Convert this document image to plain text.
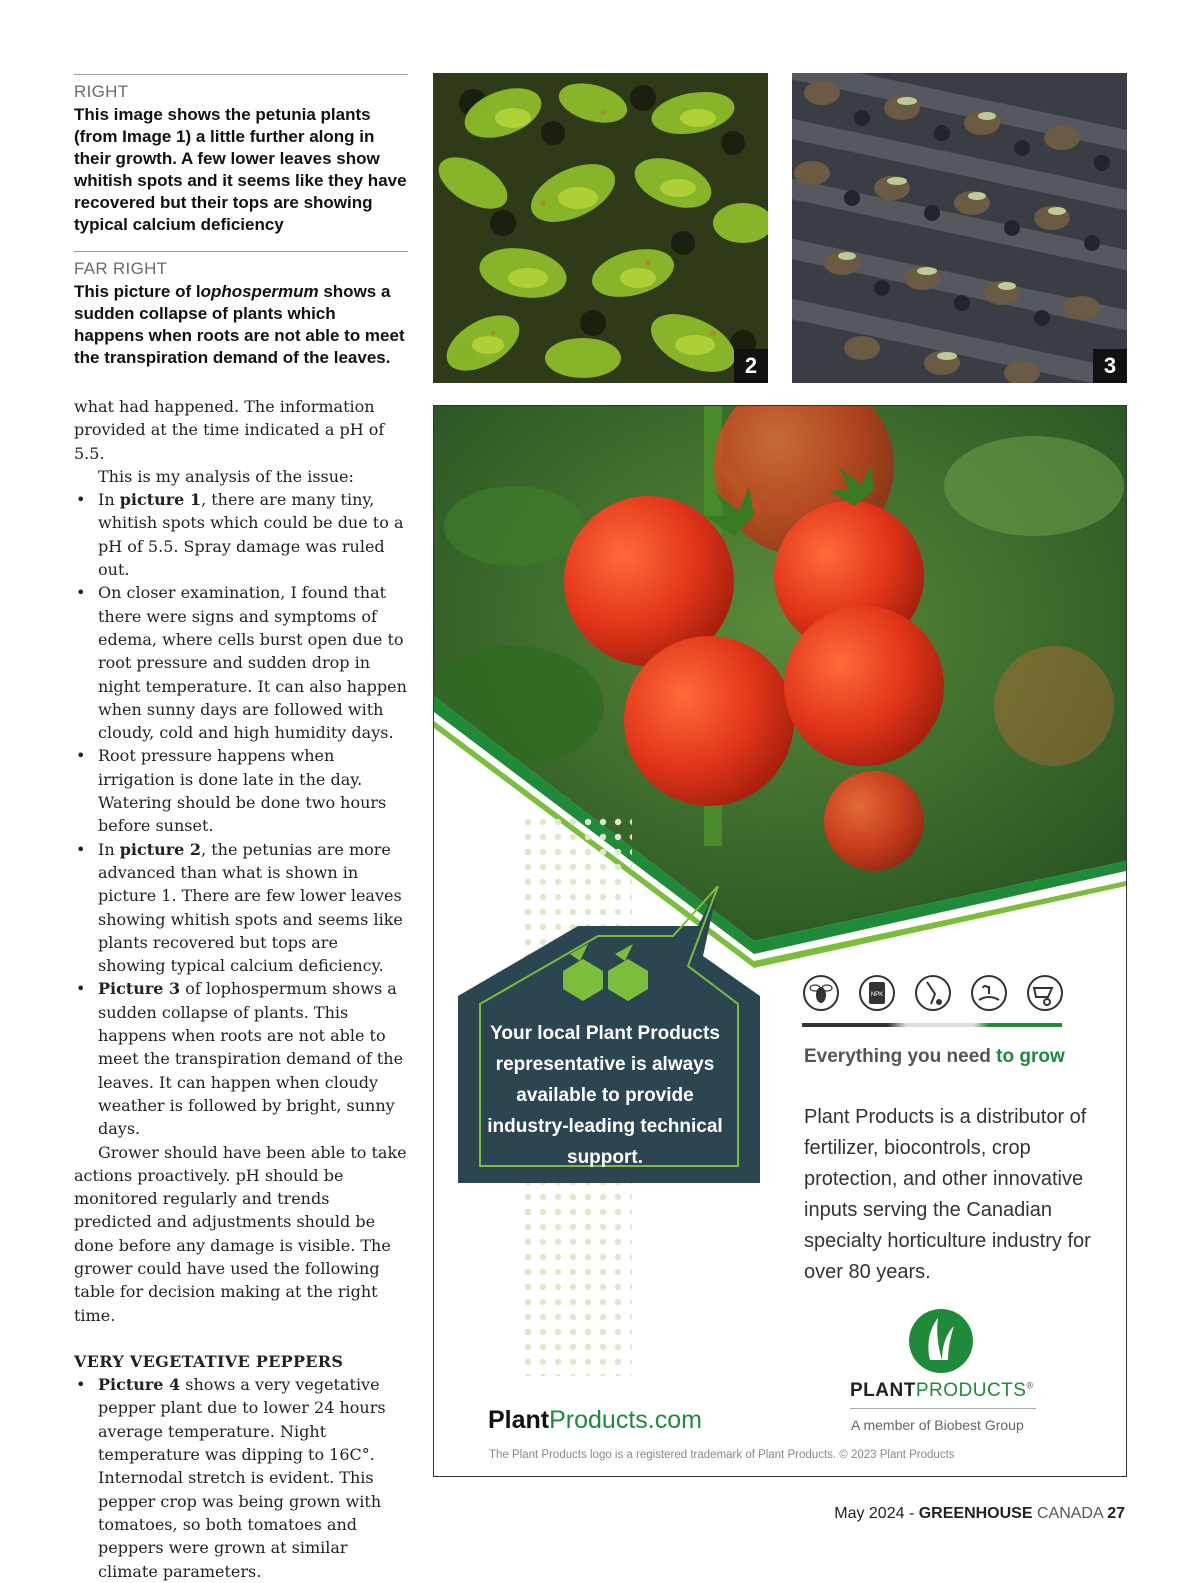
RIGHT
This image shows the petunia plants (from Image 1) a little further along in their growth. A few lower leaves show whitish spots and it seems like they have recovered but their tops are showing typical calcium deficiency
FAR RIGHT
This picture of lophospermum shows a sudden collapse of plants which happens when roots are not able to meet the transpiration demand of the leaves.

what had happened. The information provided at the time indicated a pH of 5.5.

This is my analysis of the issue:

• In picture 1, there are many tiny, whitish spots which could be due to a pH of 5.5. Spray damage was ruled out.
• On closer examination, I found that there were signs and symptoms of edema, where cells burst open due to root pressure and sudden drop in night temperature. It can also happen when sunny days are followed with cloudy, cold and high humidity days.
• Root pressure happens when irrigation is done late in the day. Watering should be done two hours before sunset.
• In picture 2, the petunias are more advanced than what is shown in picture 1. There are few lower leaves showing whitish spots and seems like plants recovered but tops are showing typical calcium deficiency.
• Picture 3 of lophospermum shows a sudden collapse of plants. This happens when roots are not able to meet the transpiration demand of the leaves. It can happen when cloudy weather is followed by bright, sunny days.

Grower should have been able to take actions proactively. pH should be monitored regularly and trends predicted and adjustments should be done before any damage is visible. The grower could have used the following table for decision making at the right time.

VERY VEGETATIVE PEPPERS
• Picture 4 shows a very vegetative pepper plant due to lower 24 hours average temperature. Night temperature was dipping to 16C°. Internodal stretch is evident. This pepper crop was being grown with tomatoes, so both tomatoes and peppers were grown at similar climate parameters.
2	3
Your local Plant Products representative is always available to provide industry-leading technical support.
NPK
Everything you need to grow
Plant Products is a distributor of fertilizer, biocontrols, crop protection, and other innovative inputs serving the Canadian specialty horticulture industry for over 80 years.
PLANTPRODUCTS®
A member of Biobest Group
PlantProducts.com
The Plant Products logo is a registered trademark of Plant Products. © 2023 Plant Products
May 2024 - GREENHOUSE CANADA 27
